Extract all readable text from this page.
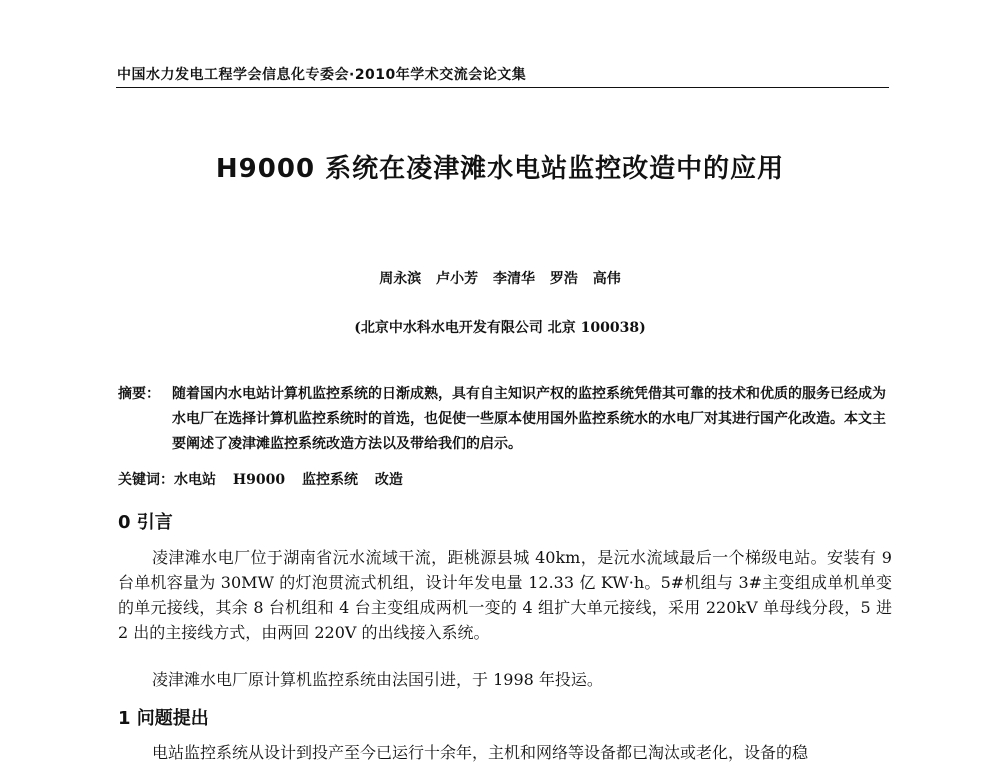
中国水力发电工程学会信息化专委会·2010年学术交流会论文集
H9000 系统在凌津滩水电站监控改造中的应用
周永滨 卢小芳 李清华 罗浩 高伟
(北京中水科水电开发有限公司 北京 100038)
摘要： 随着国内水电站计算机监控系统的日渐成熟，具有自主知识产权的监控系统凭借其可靠的技术和优质的服务已经成为水电厂在选择计算机监控系统时的首选，也促使一些原本使用国外监控系统水的水电厂对其进行国产化改造。本文主要阐述了凌津滩监控系统改造方法以及带给我们的启示。
关键词：水电站 H9000 监控系统 改造
0 引言
凌津滩水电厂位于湖南省沅水流域干流，距桃源县城 40km，是沅水流域最后一个梯级电站。安装有 9 台单机容量为 30MW 的灯泡贯流式机组，设计年发电量 12.33 亿 KW·h。5#机组与 3#主变组成单机单变的单元接线，其余 8 台机组和 4 台主变组成两机一变的 4 组扩大单元接线，采用 220kV 单母线分段，5 进 2 出的主接线方式，由两回 220V 的出线接入系统。
凌津滩水电厂原计算机监控系统由法国引进，于 1998 年投运。
1 问题提出
电站监控系统从设计到投产至今已运行十余年，主机和网络等设备都已淘汰或老化，设备的稳
